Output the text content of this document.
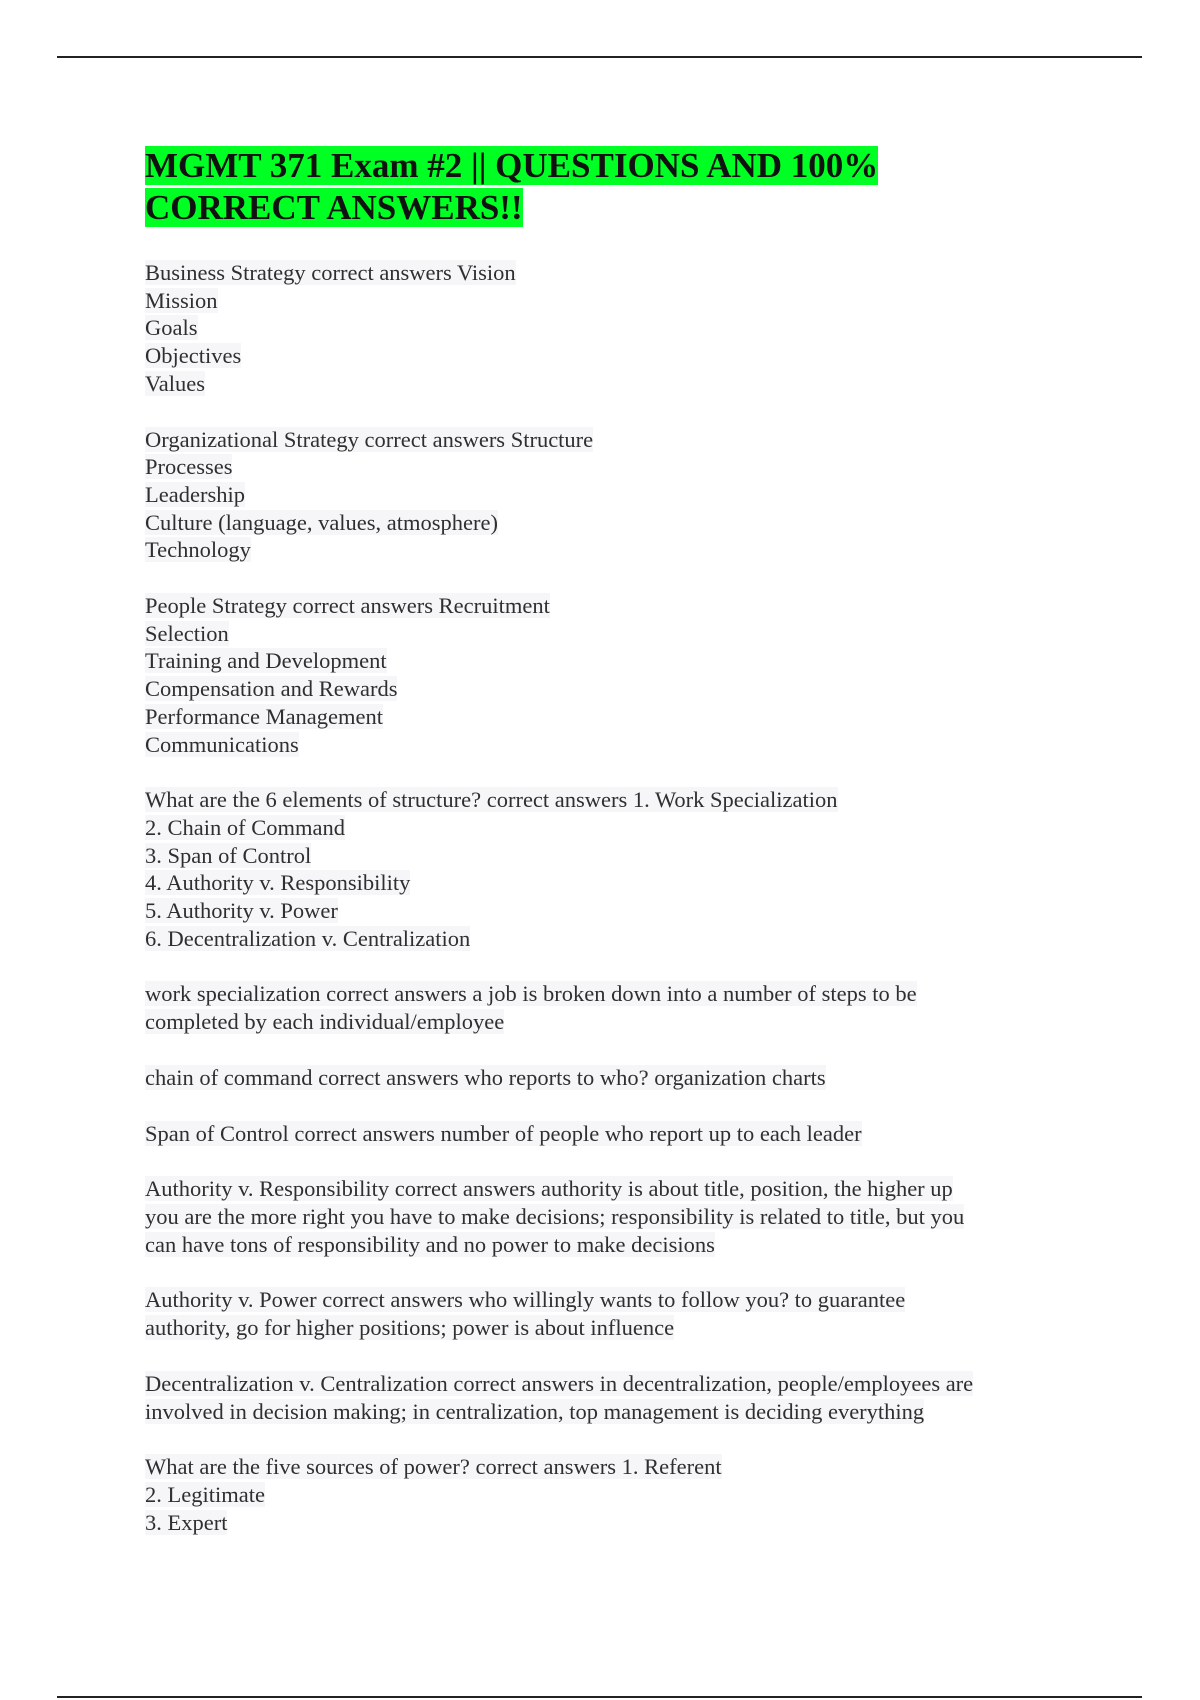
MGMT 371 Exam #2 || QUESTIONS AND 100% CORRECT ANSWERS!!

Business Strategy correct answers Vision
Mission
Goals
Objectives
Values

Organizational Strategy correct answers Structure
Processes
Leadership
Culture (language, values, atmosphere)
Technology

People Strategy correct answers Recruitment
Selection
Training and Development
Compensation and Rewards
Performance Management
Communications

What are the 6 elements of structure? correct answers 1. Work Specialization
2. Chain of Command
3. Span of Control
4. Authority v. Responsibility
5. Authority v. Power
6. Decentralization v. Centralization

work specialization correct answers a job is broken down into a number of steps to be
completed by each individual/employee

chain of command correct answers who reports to who? organization charts

Span of Control correct answers number of people who report up to each leader

Authority v. Responsibility correct answers authority is about title, position, the higher up
you are the more right you have to make decisions; responsibility is related to title, but you
can have tons of responsibility and no power to make decisions

Authority v. Power correct answers who willingly wants to follow you? to guarantee
authority, go for higher positions; power is about influence

Decentralization v. Centralization correct answers in decentralization, people/employees are
involved in decision making; in centralization, top management is deciding everything

What are the five sources of power? correct answers 1. Referent
2. Legitimate
3. Expert
